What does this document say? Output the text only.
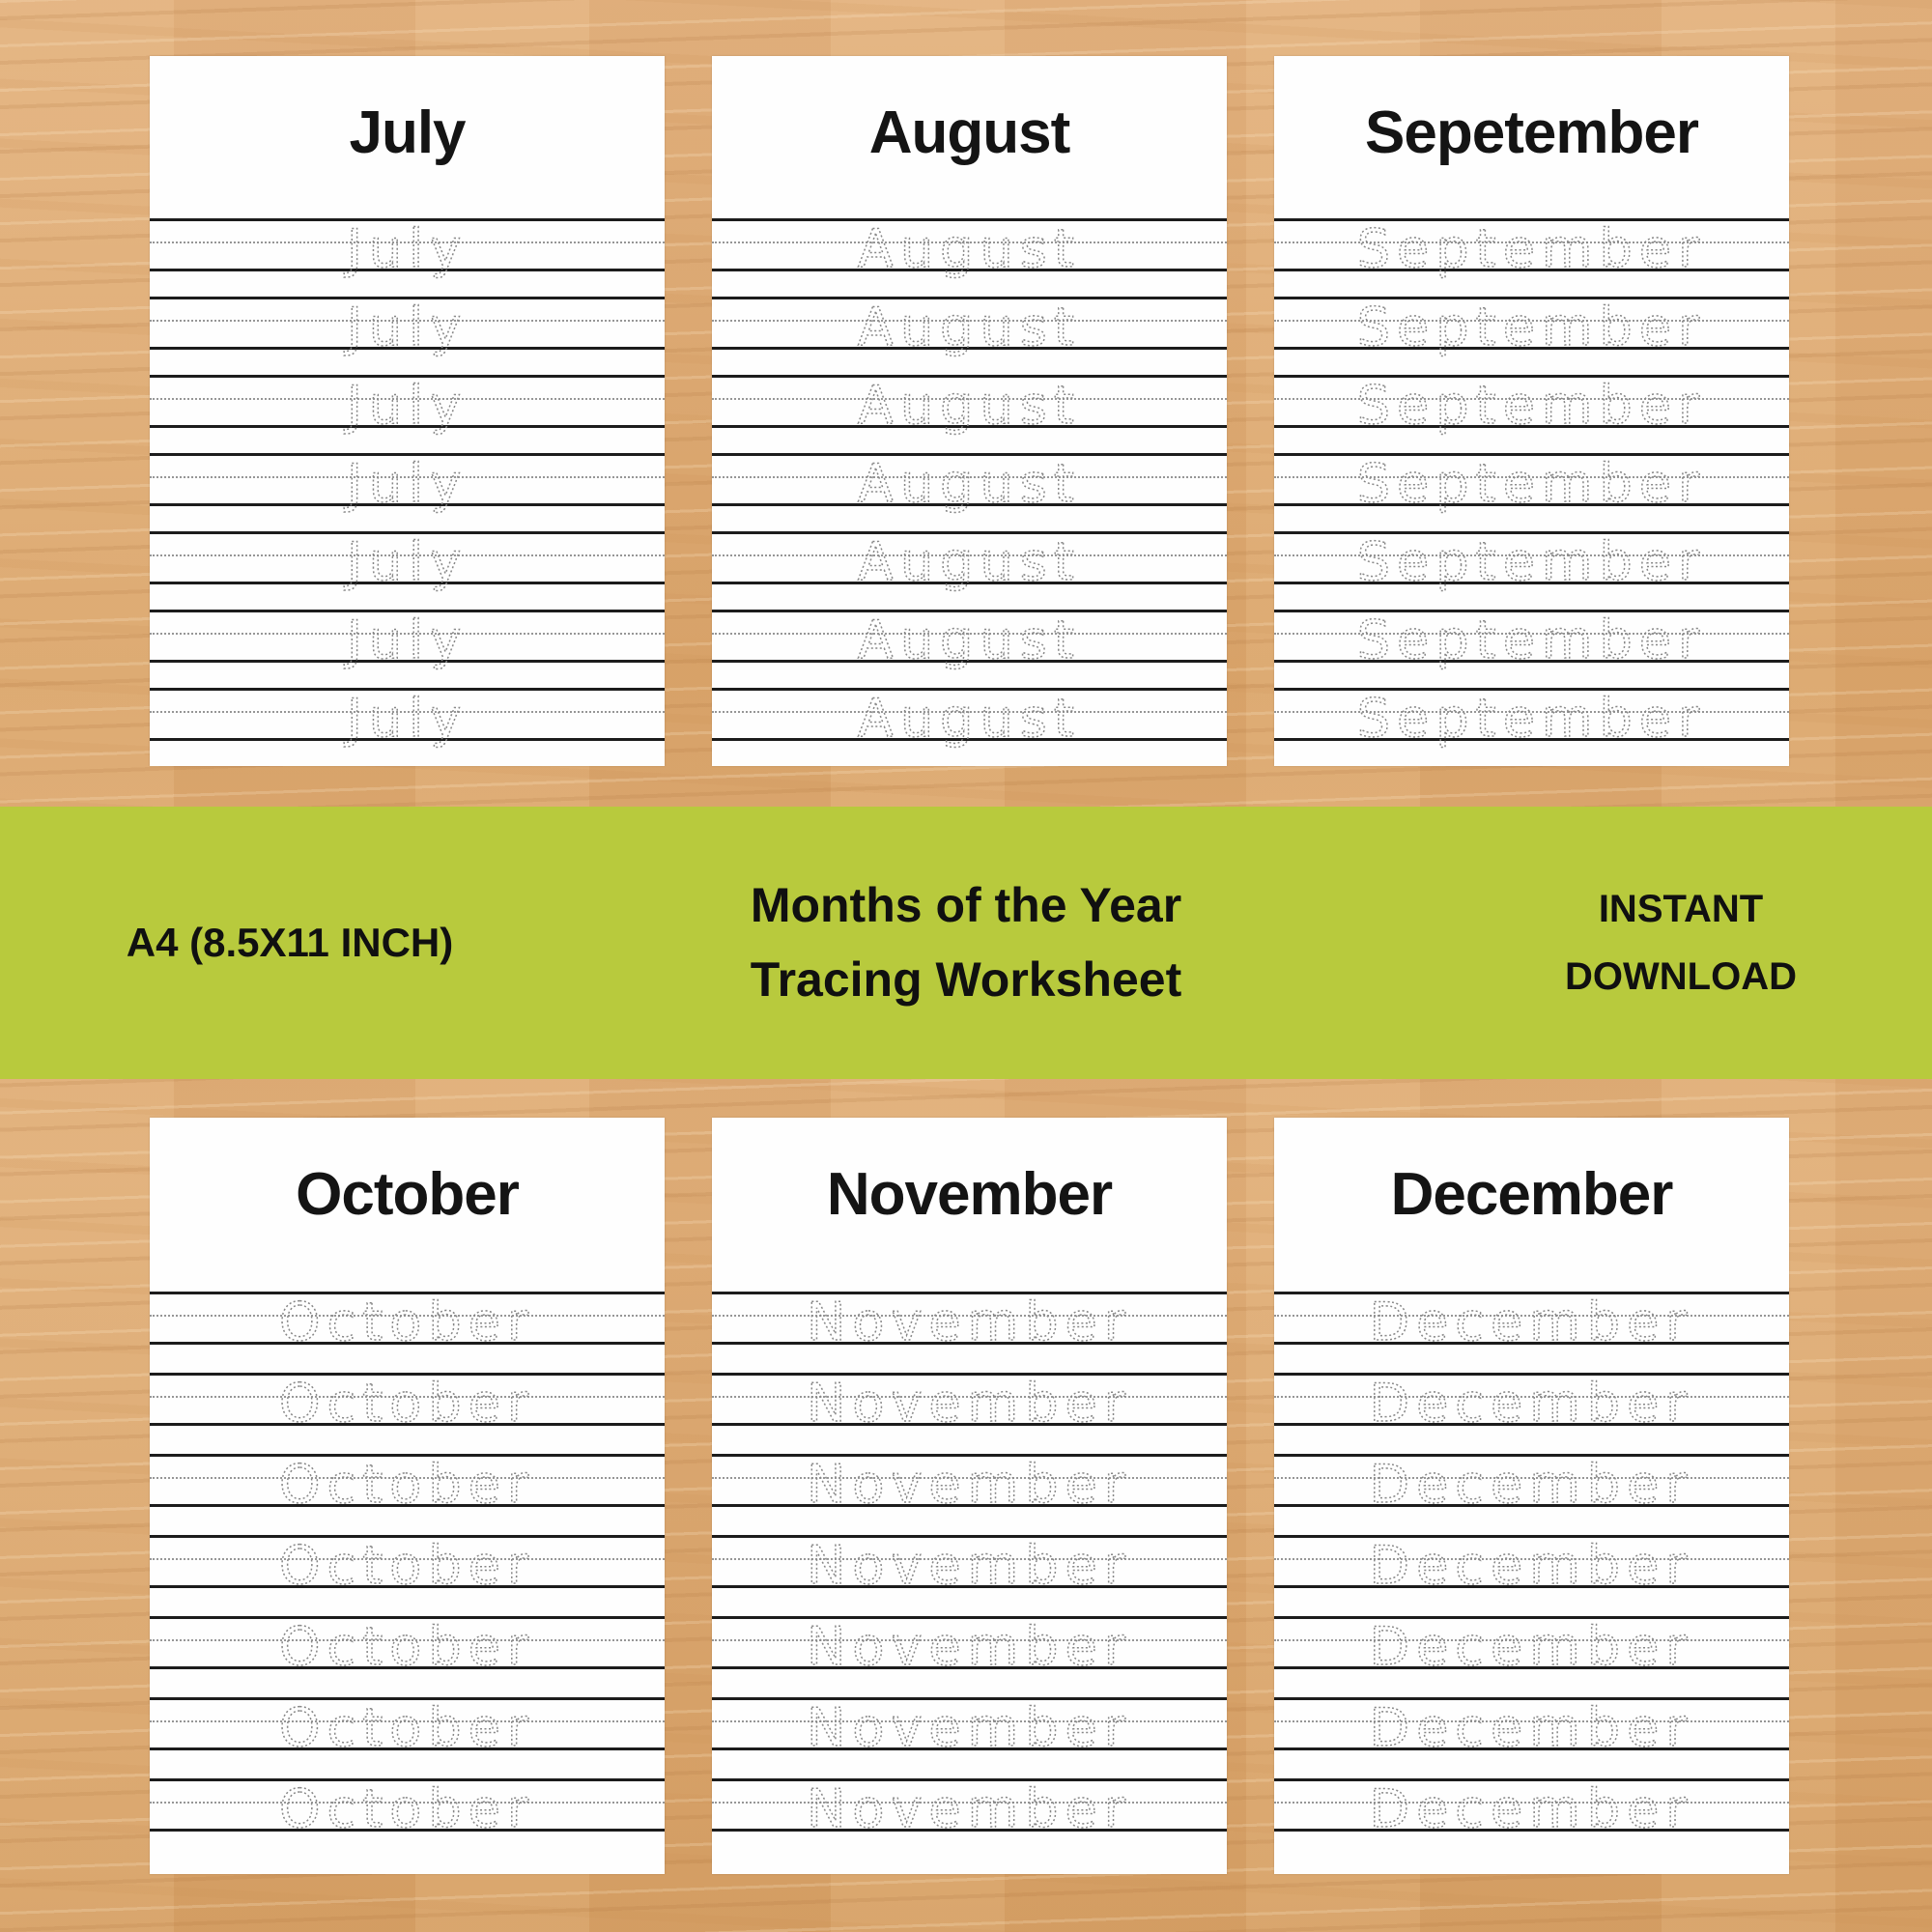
July
July
July
July
July
July
July
July
August
August
August
August
August
August
August
August
Sepetember
September
September
September
September
September
September
September
A4 (8.5X11 INCH)
Months of the Year
Tracing Worksheet
INSTANT
DOWNLOAD
October
October
October
October
October
October
October
October
November
November
November
November
November
November
November
November
December
December
December
December
December
December
December
December
